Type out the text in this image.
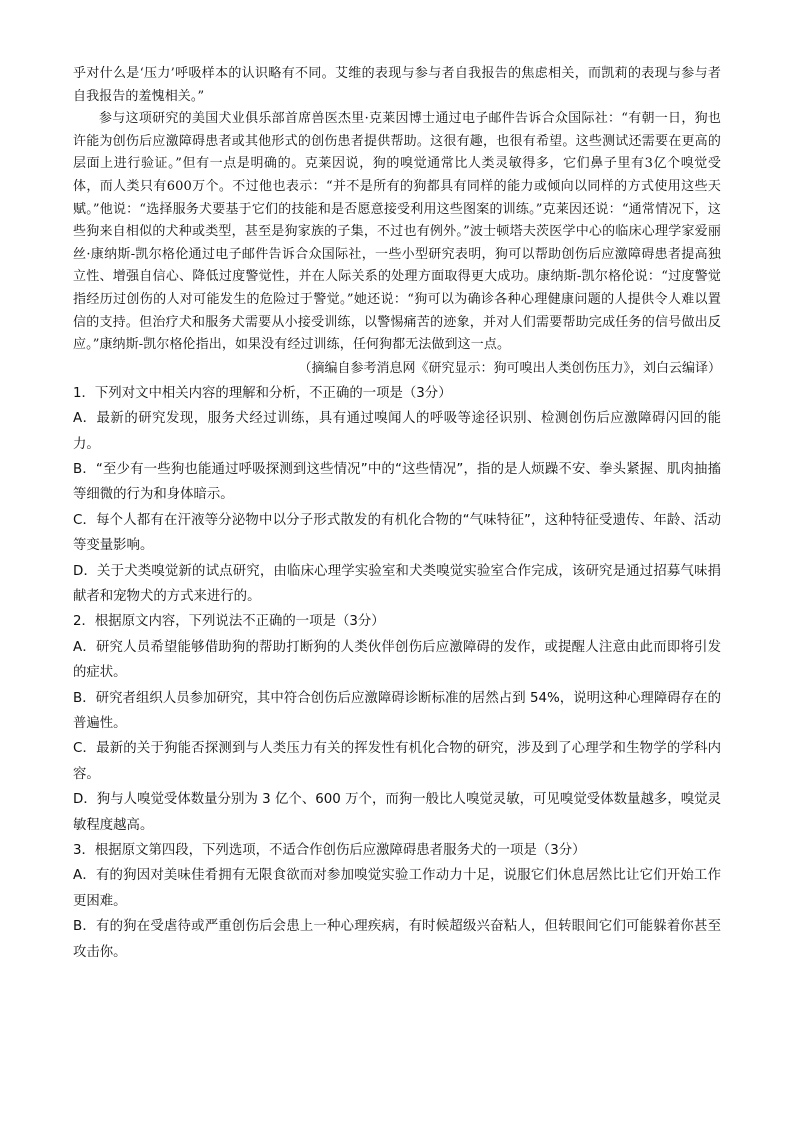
乎对什么是‘压力’呼吸样本的认识略有不同。艾维的表现与参与者自我报告的焦虑相关，而凯莉的表现与参与者自我报告的羞愧相关。”

参与这项研究的美国犬业俱乐部首席兽医杰里·克莱因博士通过电子邮件告诉合众国际社：“有朝一日，狗也许能为创伤后应激障碍患者或其他形式的创伤患者提供帮助。这很有趣，也很有希望。这些测试还需要在更高的层面上进行验证。”但有一点是明确的。克莱因说，狗的嗅觉通常比人类灵敏得多，它们鼻子里有3亿个嗅觉受体，而人类只有600万个。不过他也表示：“并不是所有的狗都具有同样的能力或倾向以同样的方式使用这些天赋。”他说：“选择服务犬要基于它们的技能和是否愿意接受利用这些图案的训练。”克莱因还说：“通常情况下，这些狗来自相似的犬种或类型，甚至是狗家族的子集，不过也有例外。”波士顿塔夫茨医学中心的临床心理学家爱丽丝·康纳斯-凯尔格伦通过电子邮件告诉合众国际社，一些小型研究表明，狗可以帮助创伤后应激障碍患者提高独立性、增强自信心、降低过度警觉性，并在人际关系的处理方面取得更大成功。康纳斯-凯尔格伦说：“过度警觉指经历过创伤的人对可能发生的危险过于警觉。”她还说：“狗可以为确诊各种心理健康问题的人提供令人难以置信的支持。但治疗犬和服务犬需要从小接受训练，以警惕痛苦的迹象，并对人们需要帮助完成任务的信号做出反应。”康纳斯-凯尔格伦指出，如果没有经过训练，任何狗都无法做到这一点。

（摘编自参考消息网《研究显示：狗可嗅出人类创伤压力》，刘白云编译）

1．下列对文中相关内容的理解和分析，不正确的一项是（3分）

A．最新的研究发现，服务犬经过训练，具有通过嗅闻人的呼吸等途径识别、检测创伤后应激障碍闪回的能力。

B．“至少有一些狗也能通过呼吸探测到这些情况”中的“这些情况”，指的是人烦躁不安、拳头紧握、肌肉抽搐等细微的行为和身体暗示。

C．每个人都有在汗液等分泌物中以分子形式散发的有机化合物的“气味特征”，这种特征受遗传、年龄、活动等变量影响。

D．关于犬类嗅觉新的试点研究，由临床心理学实验室和犬类嗅觉实验室合作完成，该研究是通过招募气味捐献者和宠物犬的方式来进行的。

2．根据原文内容，下列说法不正确的一项是（3分）

A．研究人员希望能够借助狗的帮助打断狗的人类伙伴创伤后应激障碍的发作，或提醒人注意由此而即将引发的症状。

B．研究者组织人员参加研究，其中符合创伤后应激障碍诊断标准的居然占到 54%，说明这种心理障碍存在的普遍性。

C．最新的关于狗能否探测到与人类压力有关的挥发性有机化合物的研究，涉及到了心理学和生物学的学科内容。

D．狗与人嗅觉受体数量分别为 3 亿个、600 万个，而狗一般比人嗅觉灵敏，可见嗅觉受体数量越多，嗅觉灵敏程度越高。

3．根据原文第四段，下列选项，不适合作创伤后应激障碍患者服务犬的一项是（3分）

A．有的狗因对美味佳肴拥有无限食欲而对参加嗅觉实验工作动力十足，说服它们休息居然比让它们开始工作更困难。

B．有的狗在受虐待或严重创伤后会患上一种心理疾病，有时候超级兴奋粘人，但转眼间它们可能躲着你甚至攻击你。
